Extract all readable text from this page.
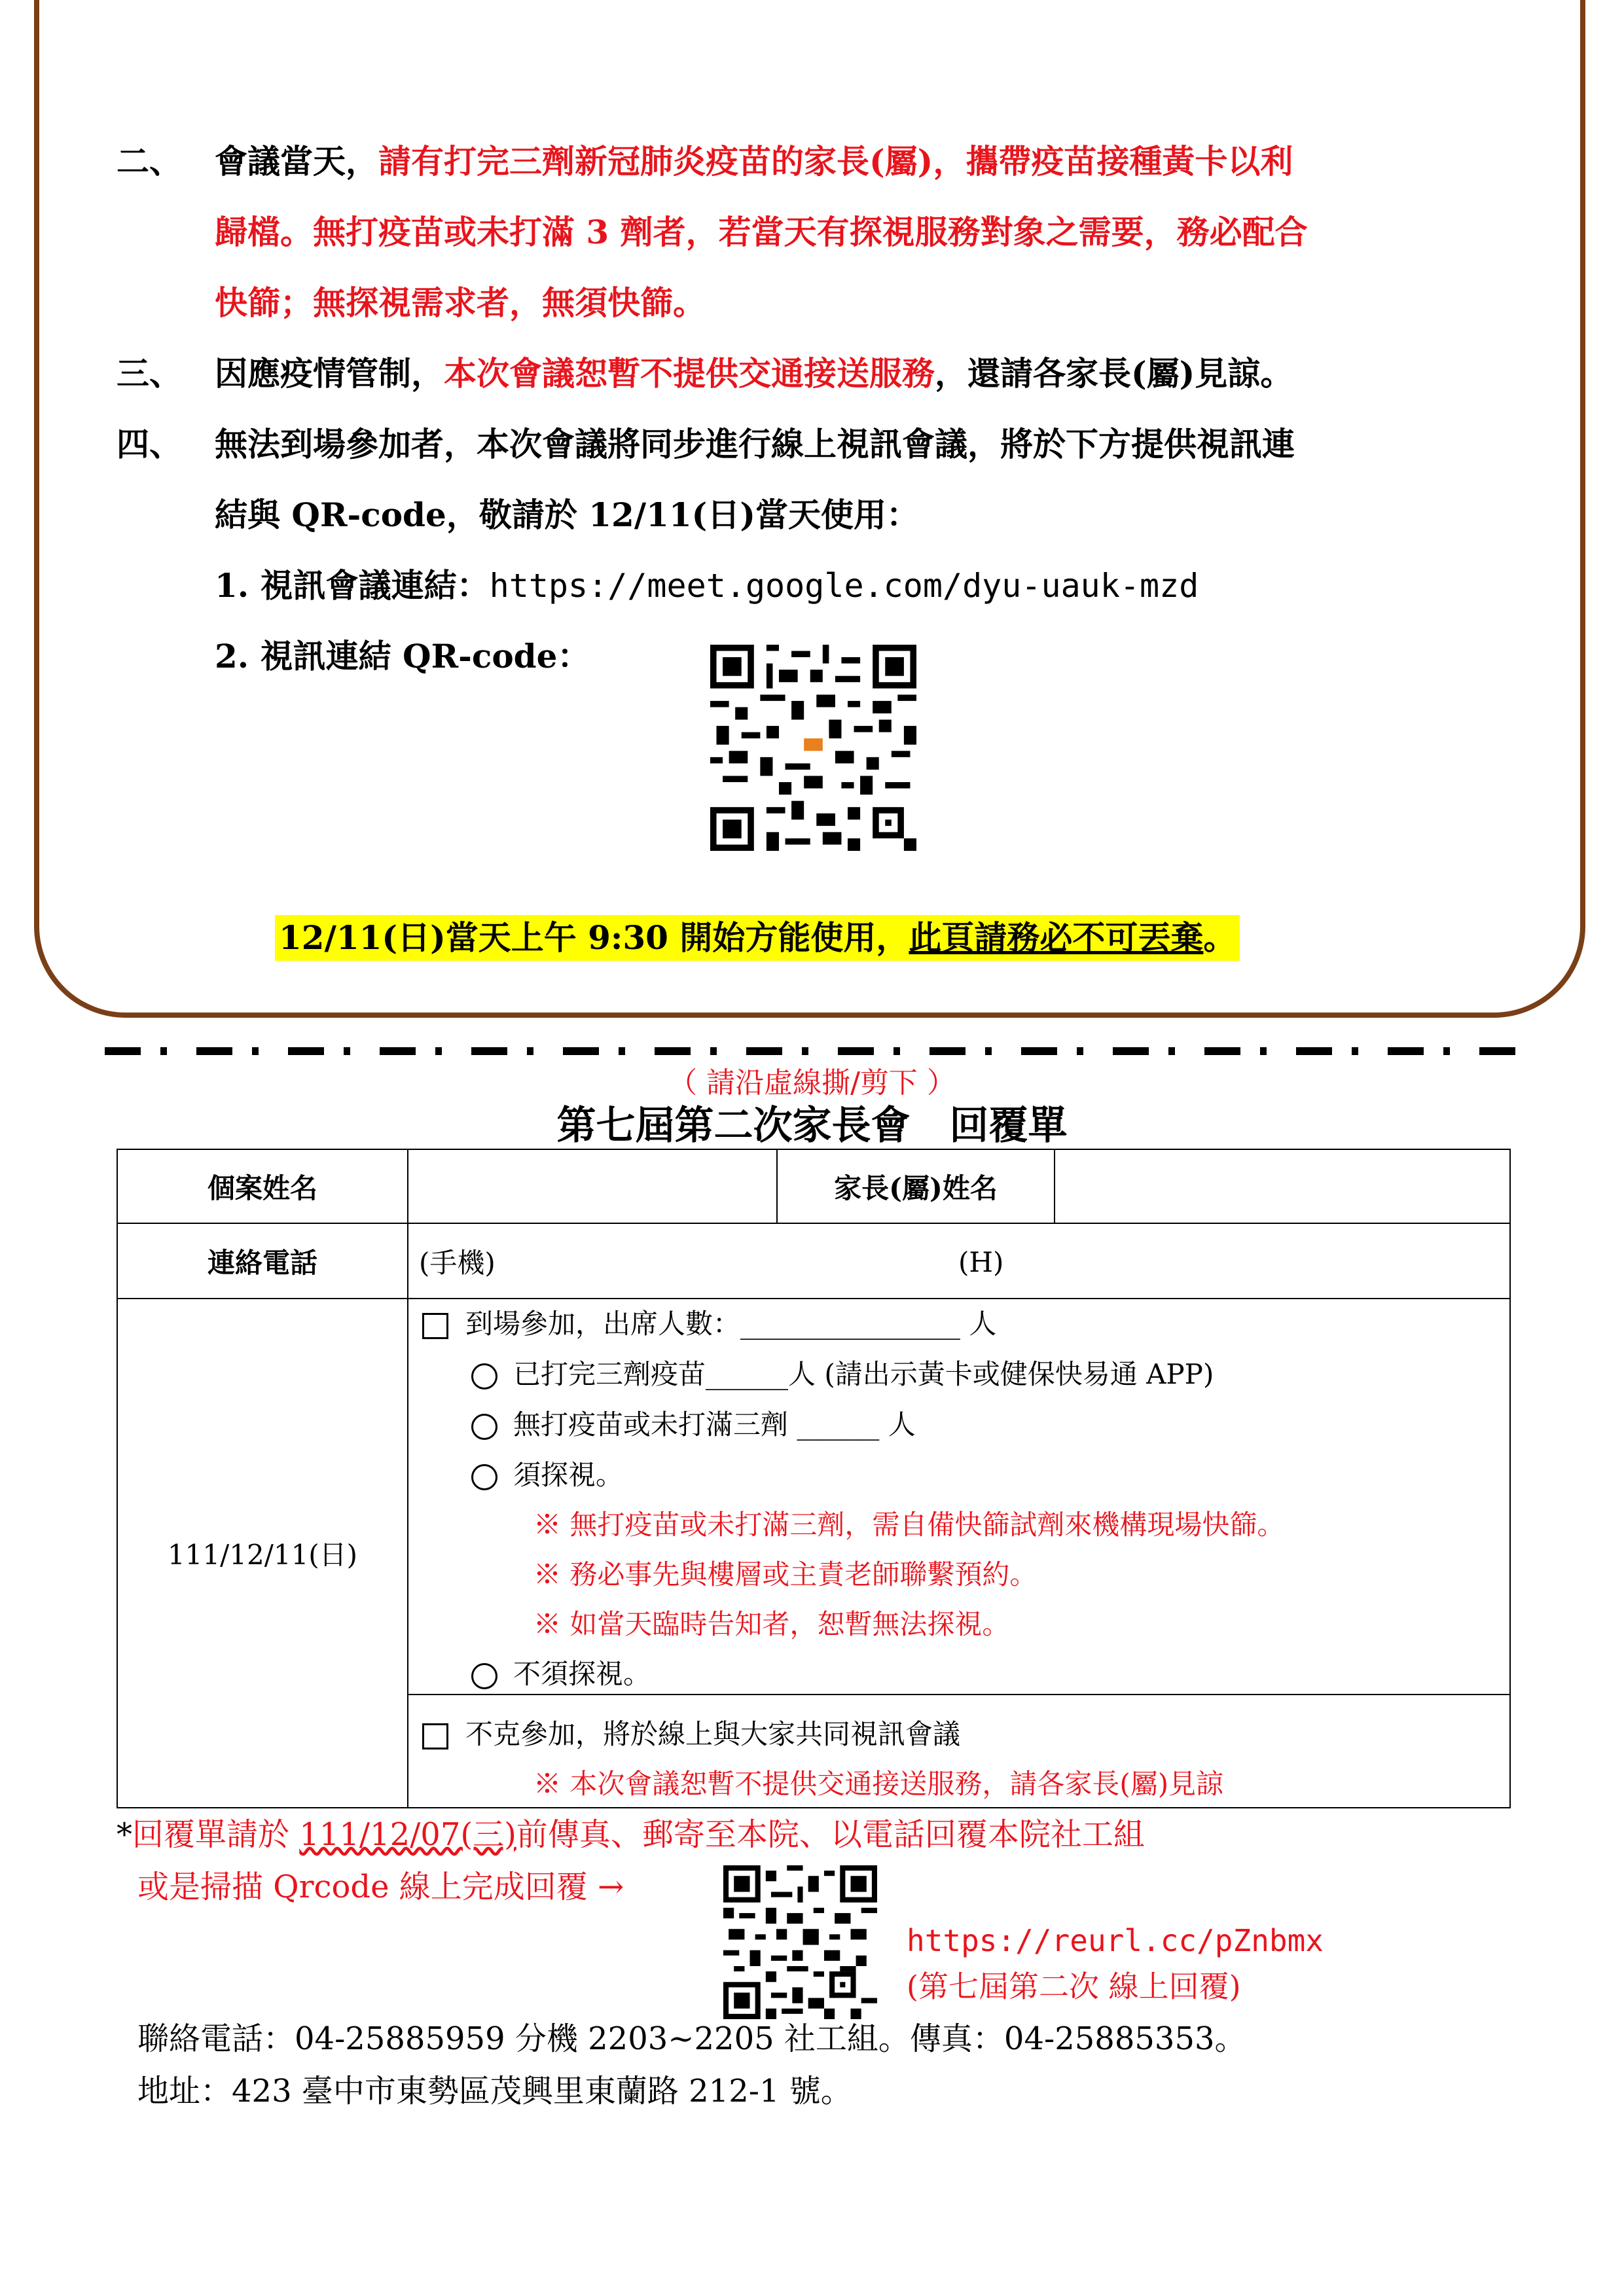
二、 會議當天，請有打完三劑新冠肺炎疫苗的家長(屬)，攜帶疫苗接種黃卡以利
歸檔。無打疫苗或未打滿 3 劑者，若當天有探視服務對象之需要，務必配合
快篩；無探視需求者，無須快篩。
三、 因應疫情管制，本次會議恕暫不提供交通接送服務，還請各家長(屬)見諒。
四、 無法到場參加者，本次會議將同步進行線上視訊會議，將於下方提供視訊連
結與 QR-code，敬請於 12/11(日)當天使用：
1. 視訊會議連結：https://meet.google.com/dyu-uauk-mzd
2. 視訊連結 QR-code：
12/11(日)當天上午 9:30 開始方能使用，此頁請務必不可丟棄。
（ 請沿虛線撕/剪下 ）
第七屆第二次家長會　回覆單
個案姓名		家長(屬)姓名	
連絡電話	(手機) (H)		

111/12/11(日)			

到場參加，出席人數：________________ 人
已打完三劑疫苗______人 (請出示黃卡或健保快易通 APP)
無打疫苗或未打滿三劑 ______ 人
須探視。
※ 無打疫苗或未打滿三劑，需自備快篩試劑來機構現場快篩。
※ 務必事先與樓層或主責老師聯繫預約。
※ 如當天臨時告知者，恕暫無法探視。
不須探視。
不克參加，將於線上與大家共同視訊會議
※ 本次會議恕暫不提供交通接送服務，請各家長(屬)見諒
*回覆單請於 111/12/07(三)前傳真、郵寄至本院、以電話回覆本院社工組
或是掃描 Qrcode 線上完成回覆 →
https://reurl.cc/pZnbmx
(第七屆第二次 線上回覆)
聯絡電話：04-25885959 分機 2203~2205 社工組。傳真：04-25885353。
地址：423 臺中市東勢區茂興里東蘭路 212-1 號。
